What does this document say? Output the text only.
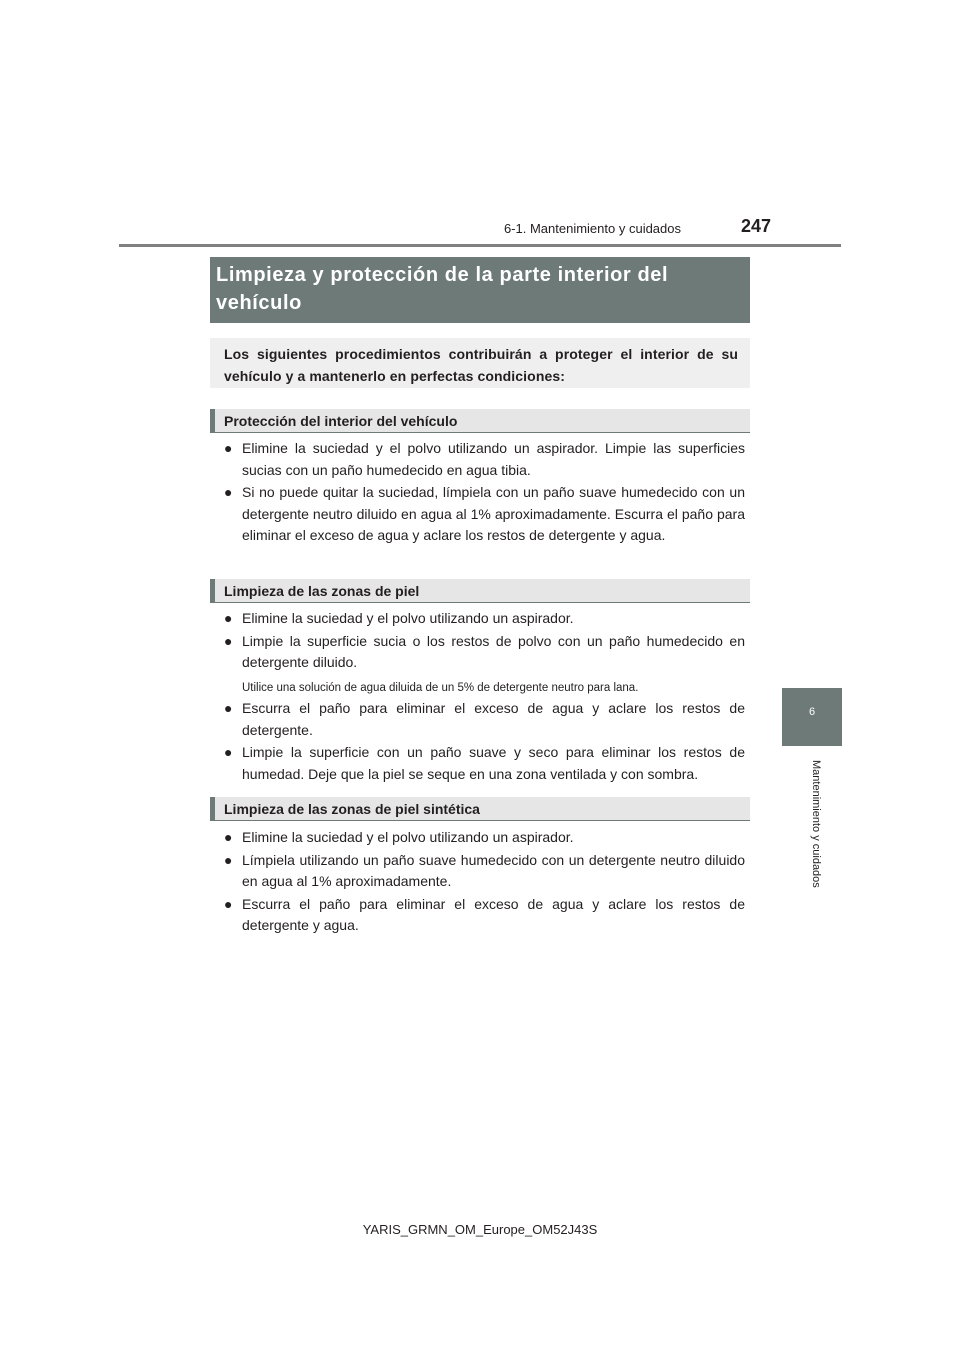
6-1. Mantenimiento y cuidados	247
6
Mantenimiento y cuidados
Limpieza y protección de la parte interior del vehículo
Los siguientes procedimientos contribuirán a proteger el interior de su vehículo y a mantenerlo en perfectas condiciones:
Protección del interior del vehículo
● Elimine la suciedad y el polvo utilizando un aspirador. Limpie las superficies sucias con un paño humedecido en agua tibia.
● Si no puede quitar la suciedad, límpiela con un paño suave humedecido con un detergente neutro diluido en agua al 1% aproximadamente. Escurra el paño para eliminar el exceso de agua y aclare los restos de detergente y agua.
Limpieza de las zonas de piel
● Elimine la suciedad y el polvo utilizando un aspirador.
● Limpie la superficie sucia o los restos de polvo con un paño humedecido en detergente diluido.
Utilice una solución de agua diluida de un 5% de detergente neutro para lana.
● Escurra el paño para eliminar el exceso de agua y aclare los restos de detergente.
● Limpie la superficie con un paño suave y seco para eliminar los restos de humedad. Deje que la piel se seque en una zona ventilada y con sombra.
Limpieza de las zonas de piel sintética
● Elimine la suciedad y el polvo utilizando un aspirador.
● Límpiela utilizando un paño suave humedecido con un detergente neutro diluido en agua al 1% aproximadamente.
● Escurra el paño para eliminar el exceso de agua y aclare los restos de detergente y agua.
YARIS_GRMN_OM_Europe_OM52J43S
